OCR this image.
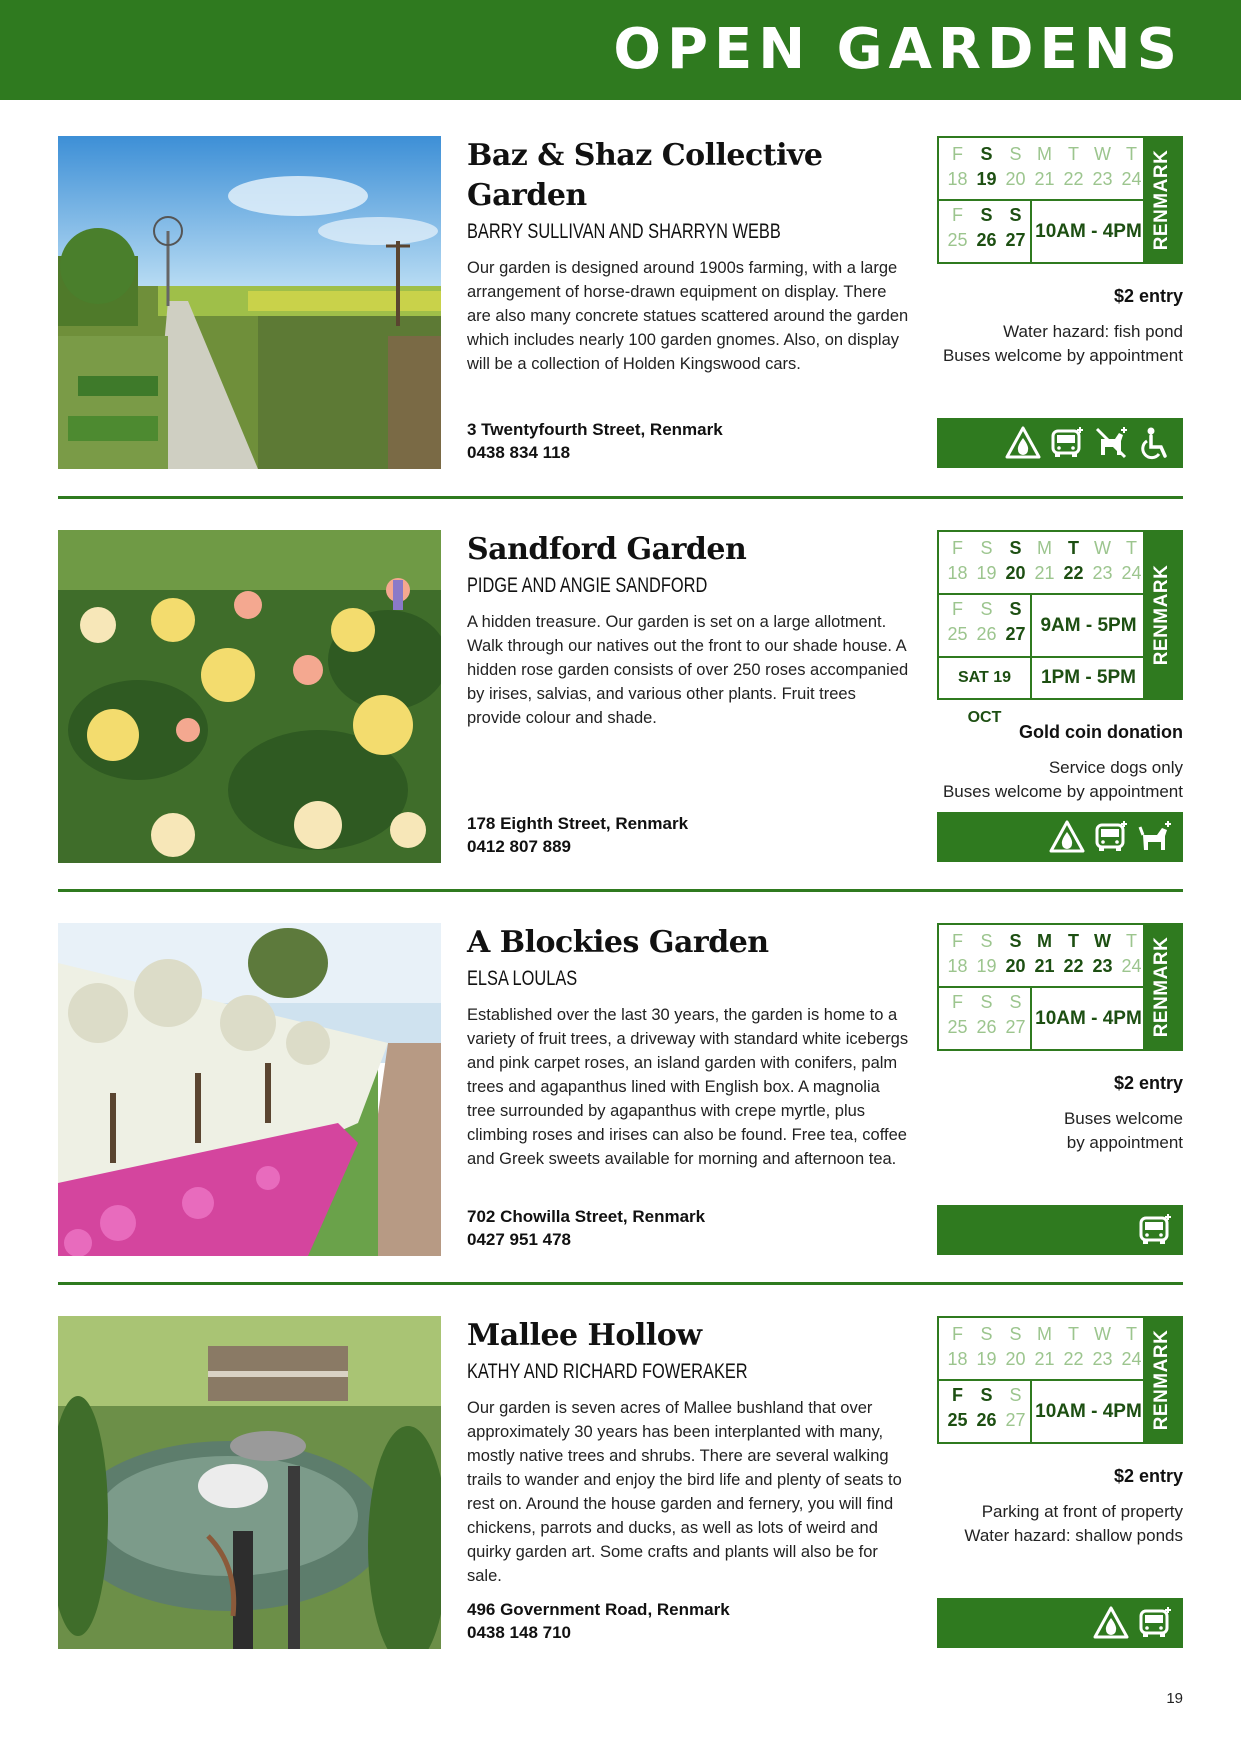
OPEN GARDENS
Baz & Shaz Collective Garden
BARRY SULLIVAN AND SHARRYN WEBB
Our garden is designed around 1900s farming, with a large arrangement of horse-drawn equipment on display. There are also many concrete statues scattered around the garden which includes nearly 100 garden gnomes. Also, on display will be a collection of Holden Kingswood cars.
3 Twentyfourth Street, Renmark
0438 834 118
F
18
S
19
S
20
M
21
T
22
W
23
T
24
F
25
S
26
S
27 10AM - 4PM RENMARK
$2 entry
Water hazard: fish pond
Buses welcome by appointment
Sandford Garden
PIDGE AND ANGIE SANDFORD
A hidden treasure. Our garden is set on a large allotment. Walk through our natives out the front to our shade house. A hidden rose garden consists of over 250 roses accompanied by irises, salvias, and various other plants. Fruit trees provide colour and shade.
178 Eighth Street, Renmark
0412 807 889
F
18
S
19
S
20
M
21
T
22
W
23
T
24
F
25
S
26
S
27 9AM - 5PM
SAT 19 OCT
1PM - 5PM
RENMARK
Gold coin donation
Service dogs only
Buses welcome by appointment
A Blockies Garden
ELSA LOULAS
Established over the last 30 years, the garden is home to a variety of fruit trees, a driveway with standard white icebergs and pink carpet roses, an island garden with conifers, palm trees and agapanthus lined with English box. A magnolia tree surrounded by agapanthus with crepe myrtle, plus climbing roses and irises can also be found. Free tea, coffee and Greek sweets available for morning and afternoon tea.
702 Chowilla Street, Renmark
0427 951 478
F
18
S
19
S
20
M
21
T
22
W
23
T
24
F
25
S
26
S
27 10AM - 4PM RENMARK
$2 entry
Buses welcome
by appointment
Mallee Hollow
KATHY AND RICHARD FOWERAKER
Our garden is seven acres of Mallee bushland that over approximately 30 years has been interplanted with many, mostly native trees and shrubs. There are several walking trails to wander and enjoy the bird life and plenty of seats to rest on. Around the house garden and fernery, you will find chickens, parrots and ducks, as well as lots of weird and quirky garden art. Some crafts and plants will also be for sale.
496 Government Road, Renmark
0438 148 710
F
18
S
19
S
20
M
21
T
22
W
23
T
24
F
25
S
26
S
27 10AM - 4PM RENMARK
$2 entry
Parking at front of property
Water hazard: shallow ponds
19
